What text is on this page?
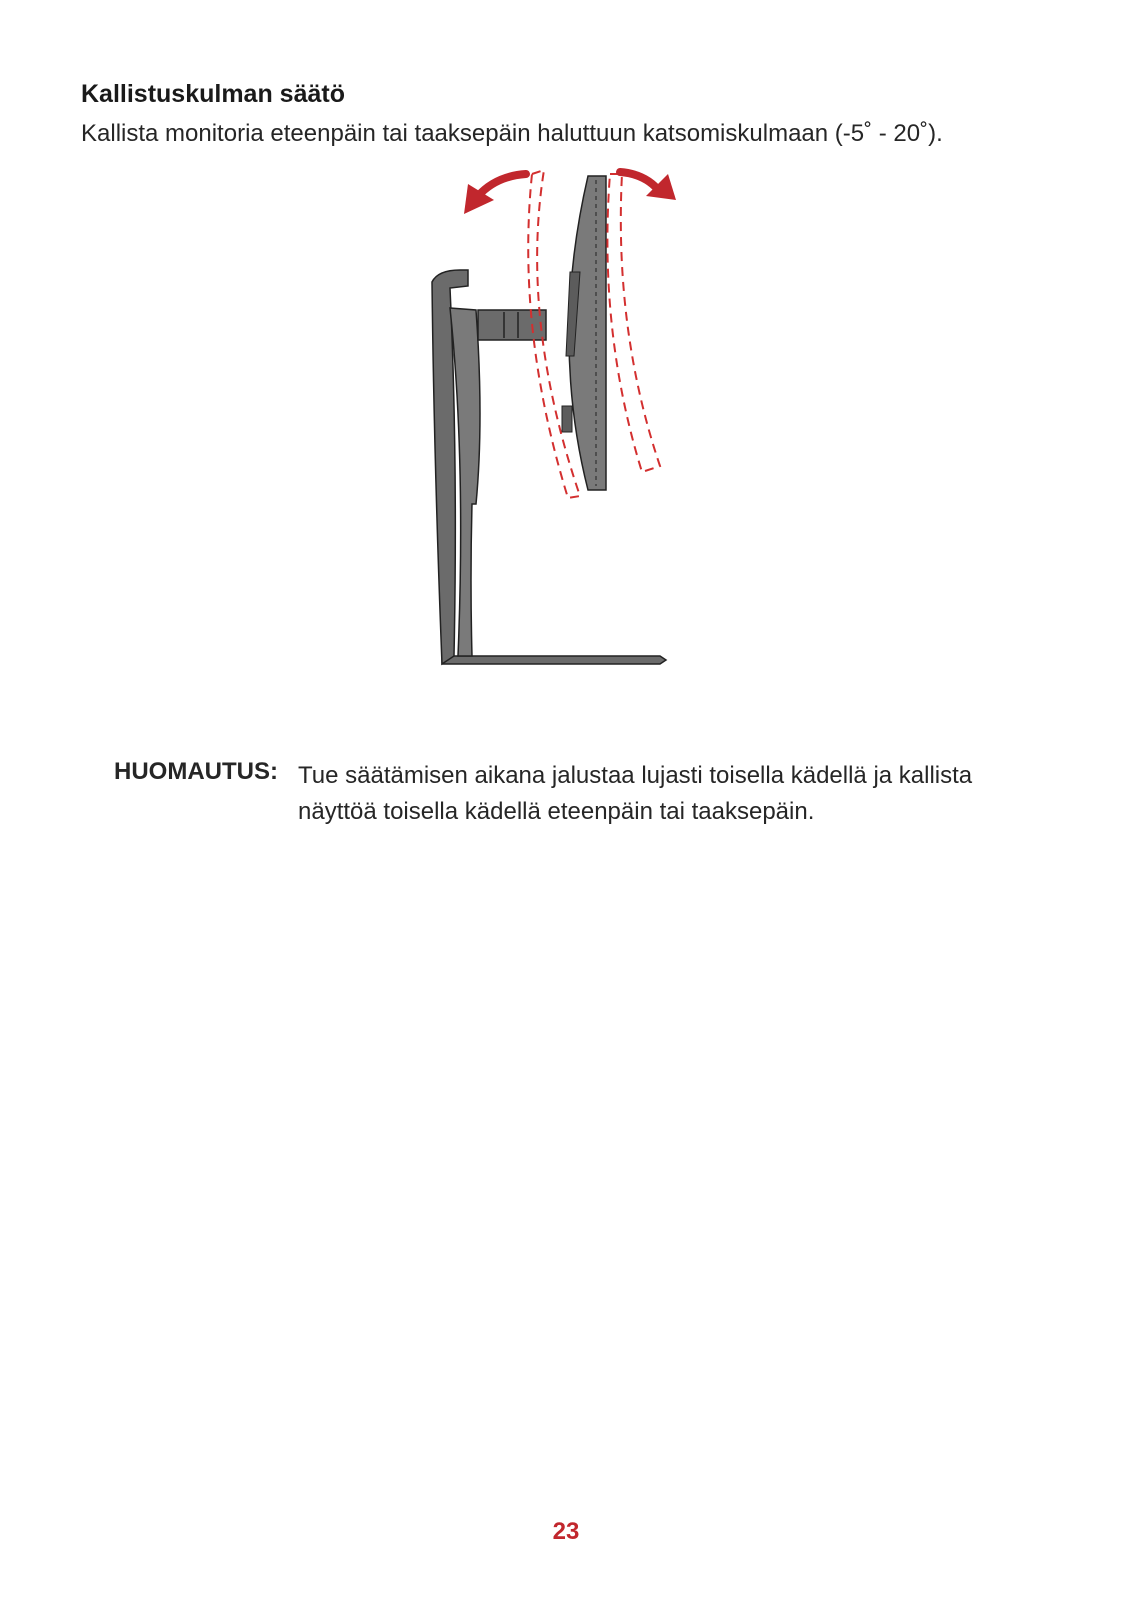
Kallistuskulman säätö

Kallista monitoria eteenpäin tai taaksepäin haluttuun katsomiskulmaan (-5˚ - 20˚).

HUOMAUTUS: Tue säätämisen aikana jalustaa lujasti toisella kädellä ja kallista näyttöä toisella kädellä eteenpäin tai taaksepäin.
23
